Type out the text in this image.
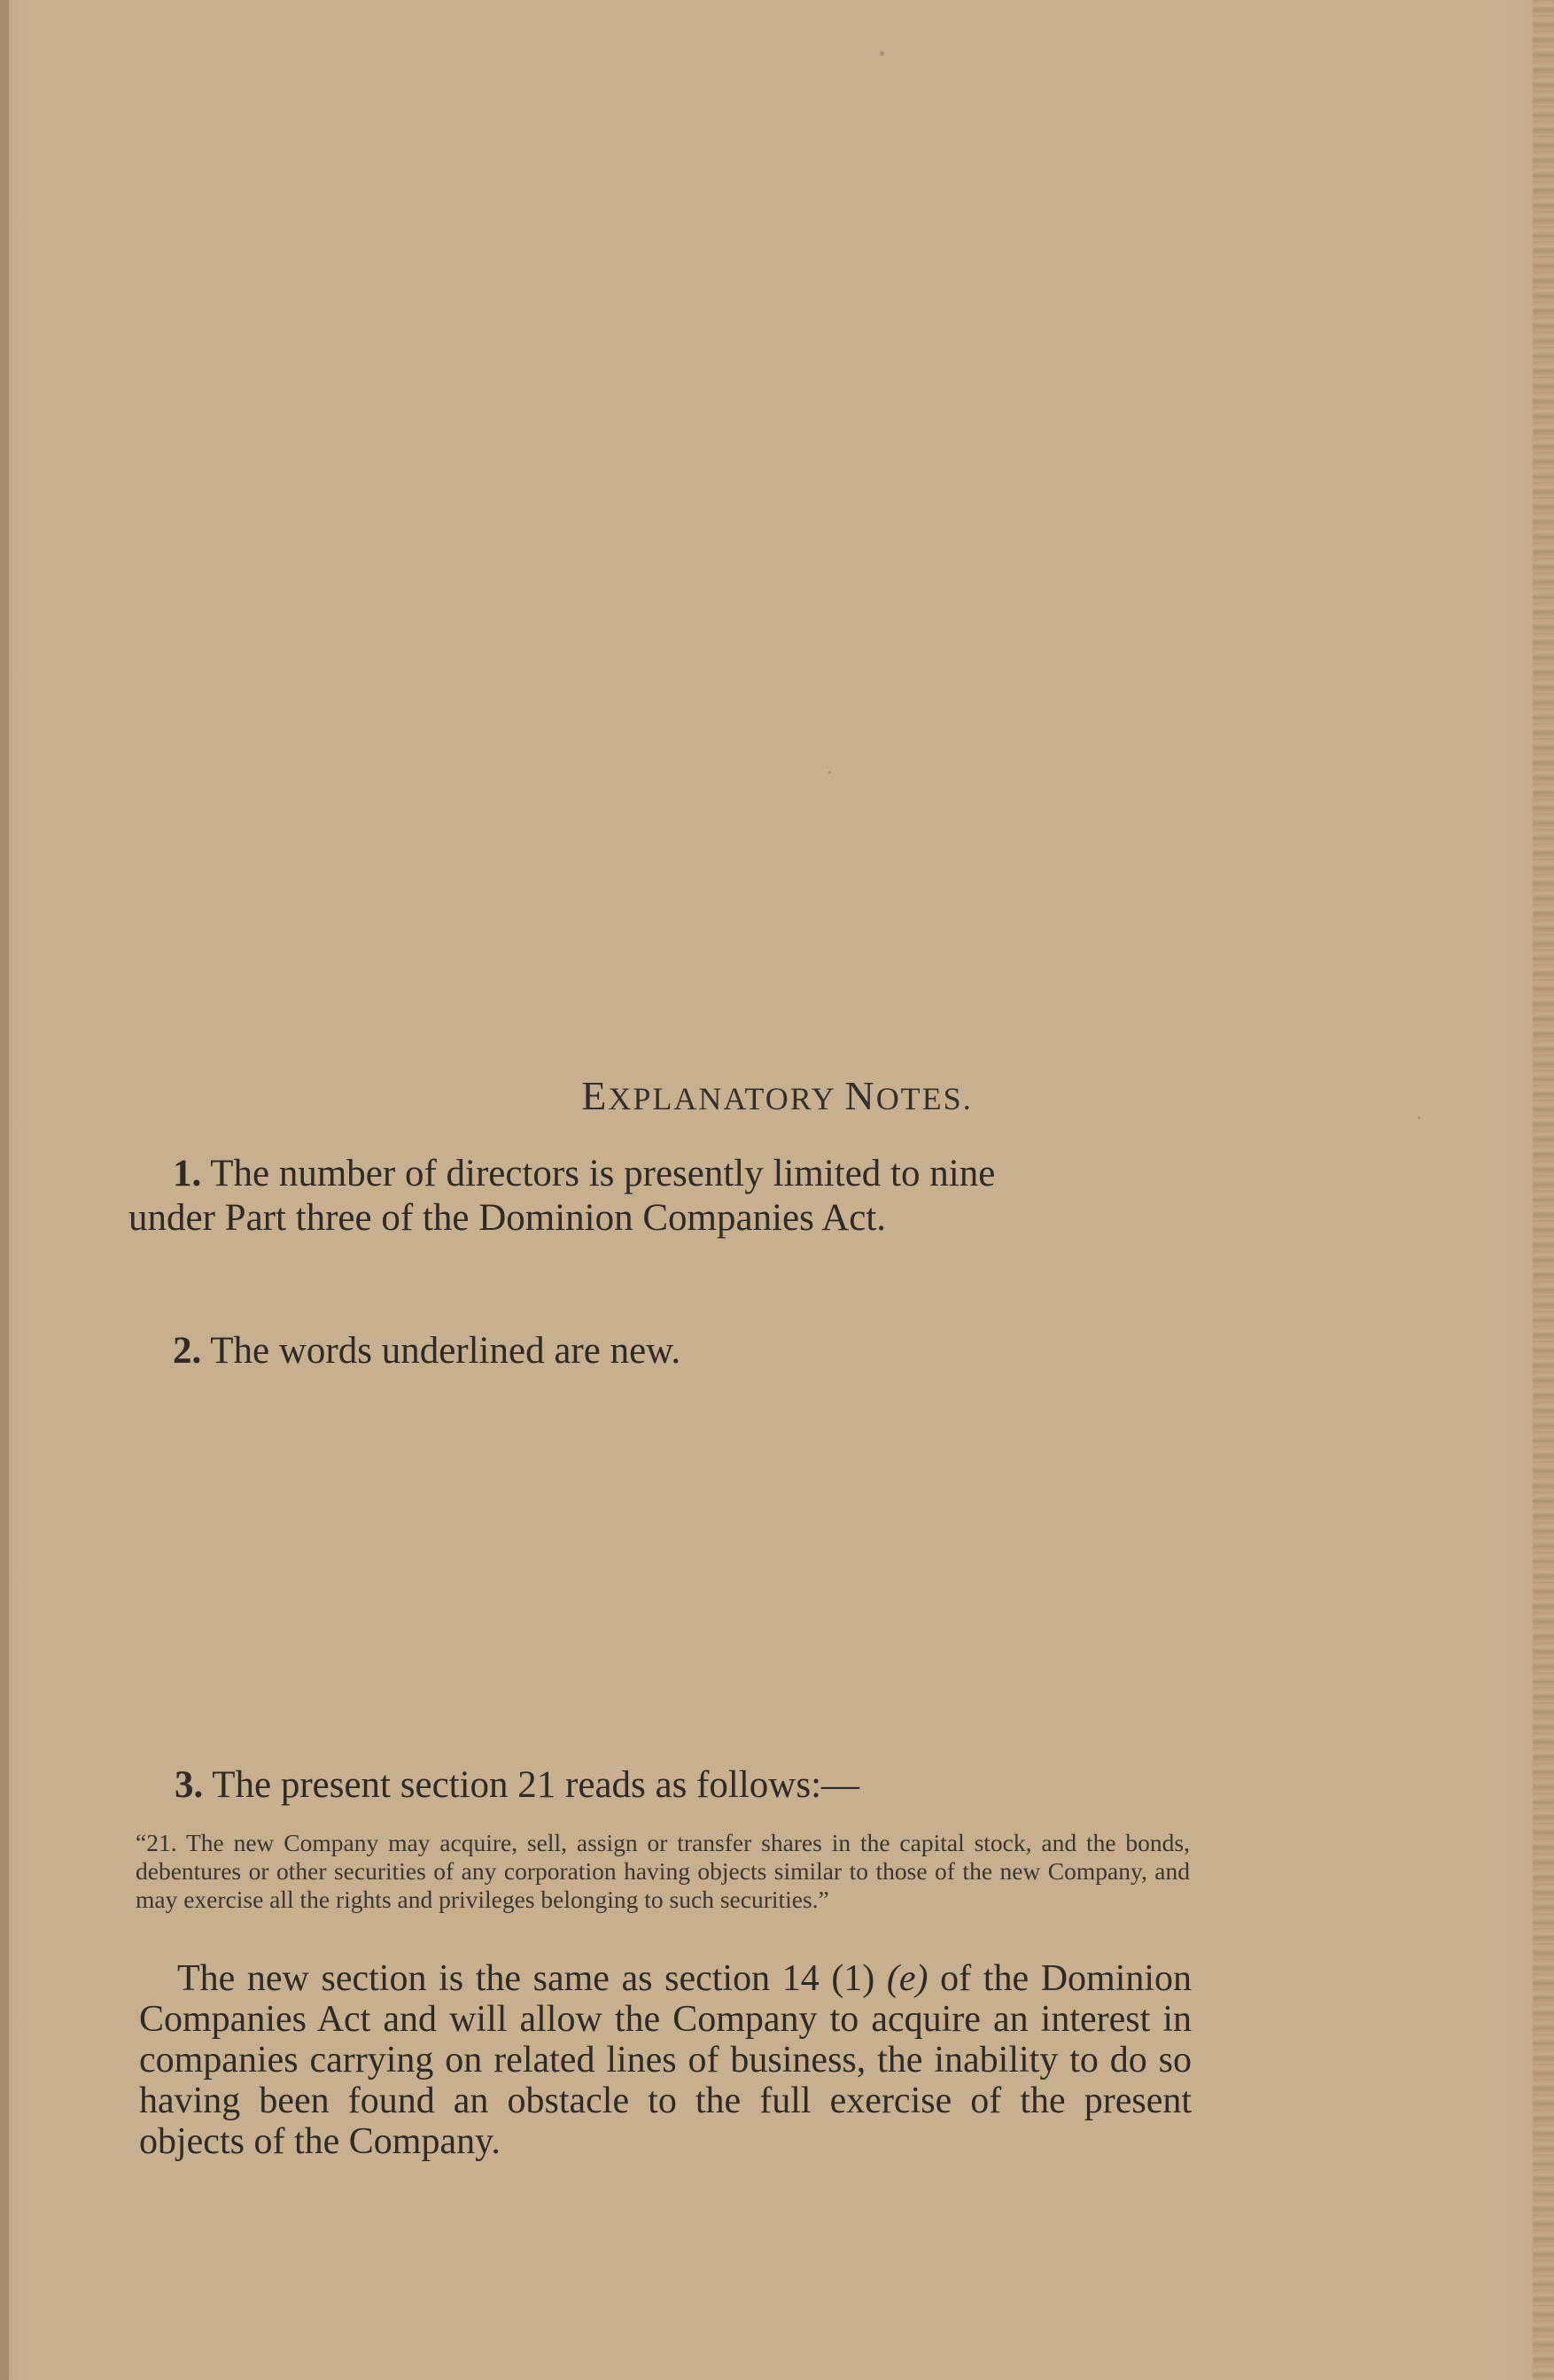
EXPLANATORY NOTES.
1. The number of directors is presently limited to nine
under Part three of the Dominion Companies Act.
2. The words underlined are new.
3. The present section 21 reads as follows:—
“21. The new Company may acquire, sell, assign or transfer shares in the capital stock, and the bonds, debentures or other securities of any corporation having objects similar to those of the new Company, and may exercise all the rights and privileges belonging to such securities.”
The new section is the same as section 14 (1) (e) of the Dominion Companies Act and will allow the Company to acquire an interest in companies carrying on related lines of business, the inability to do so having been found an obstacle to the full exercise of the present objects of the Company.
